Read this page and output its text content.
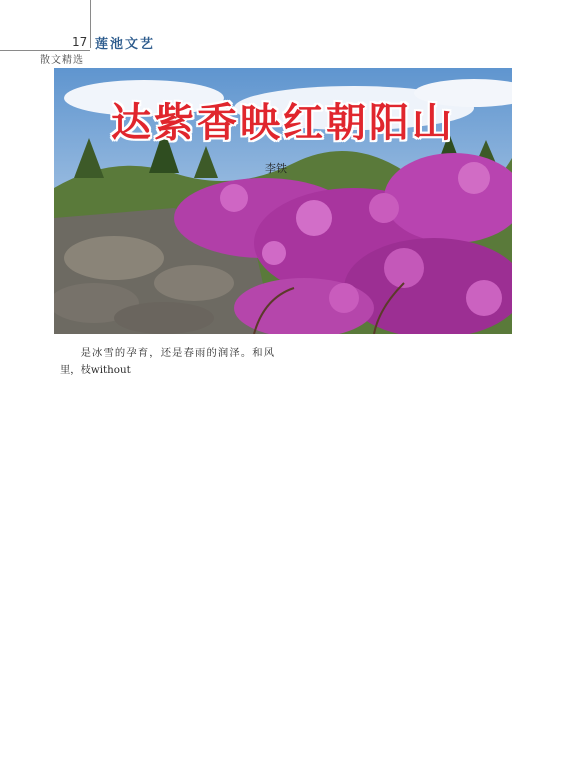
17 莲池文艺
散文精选
达紫香映红朝阳山
李铁

是冰雪的孕育，还是春雨的润泽。和风里，枝without
